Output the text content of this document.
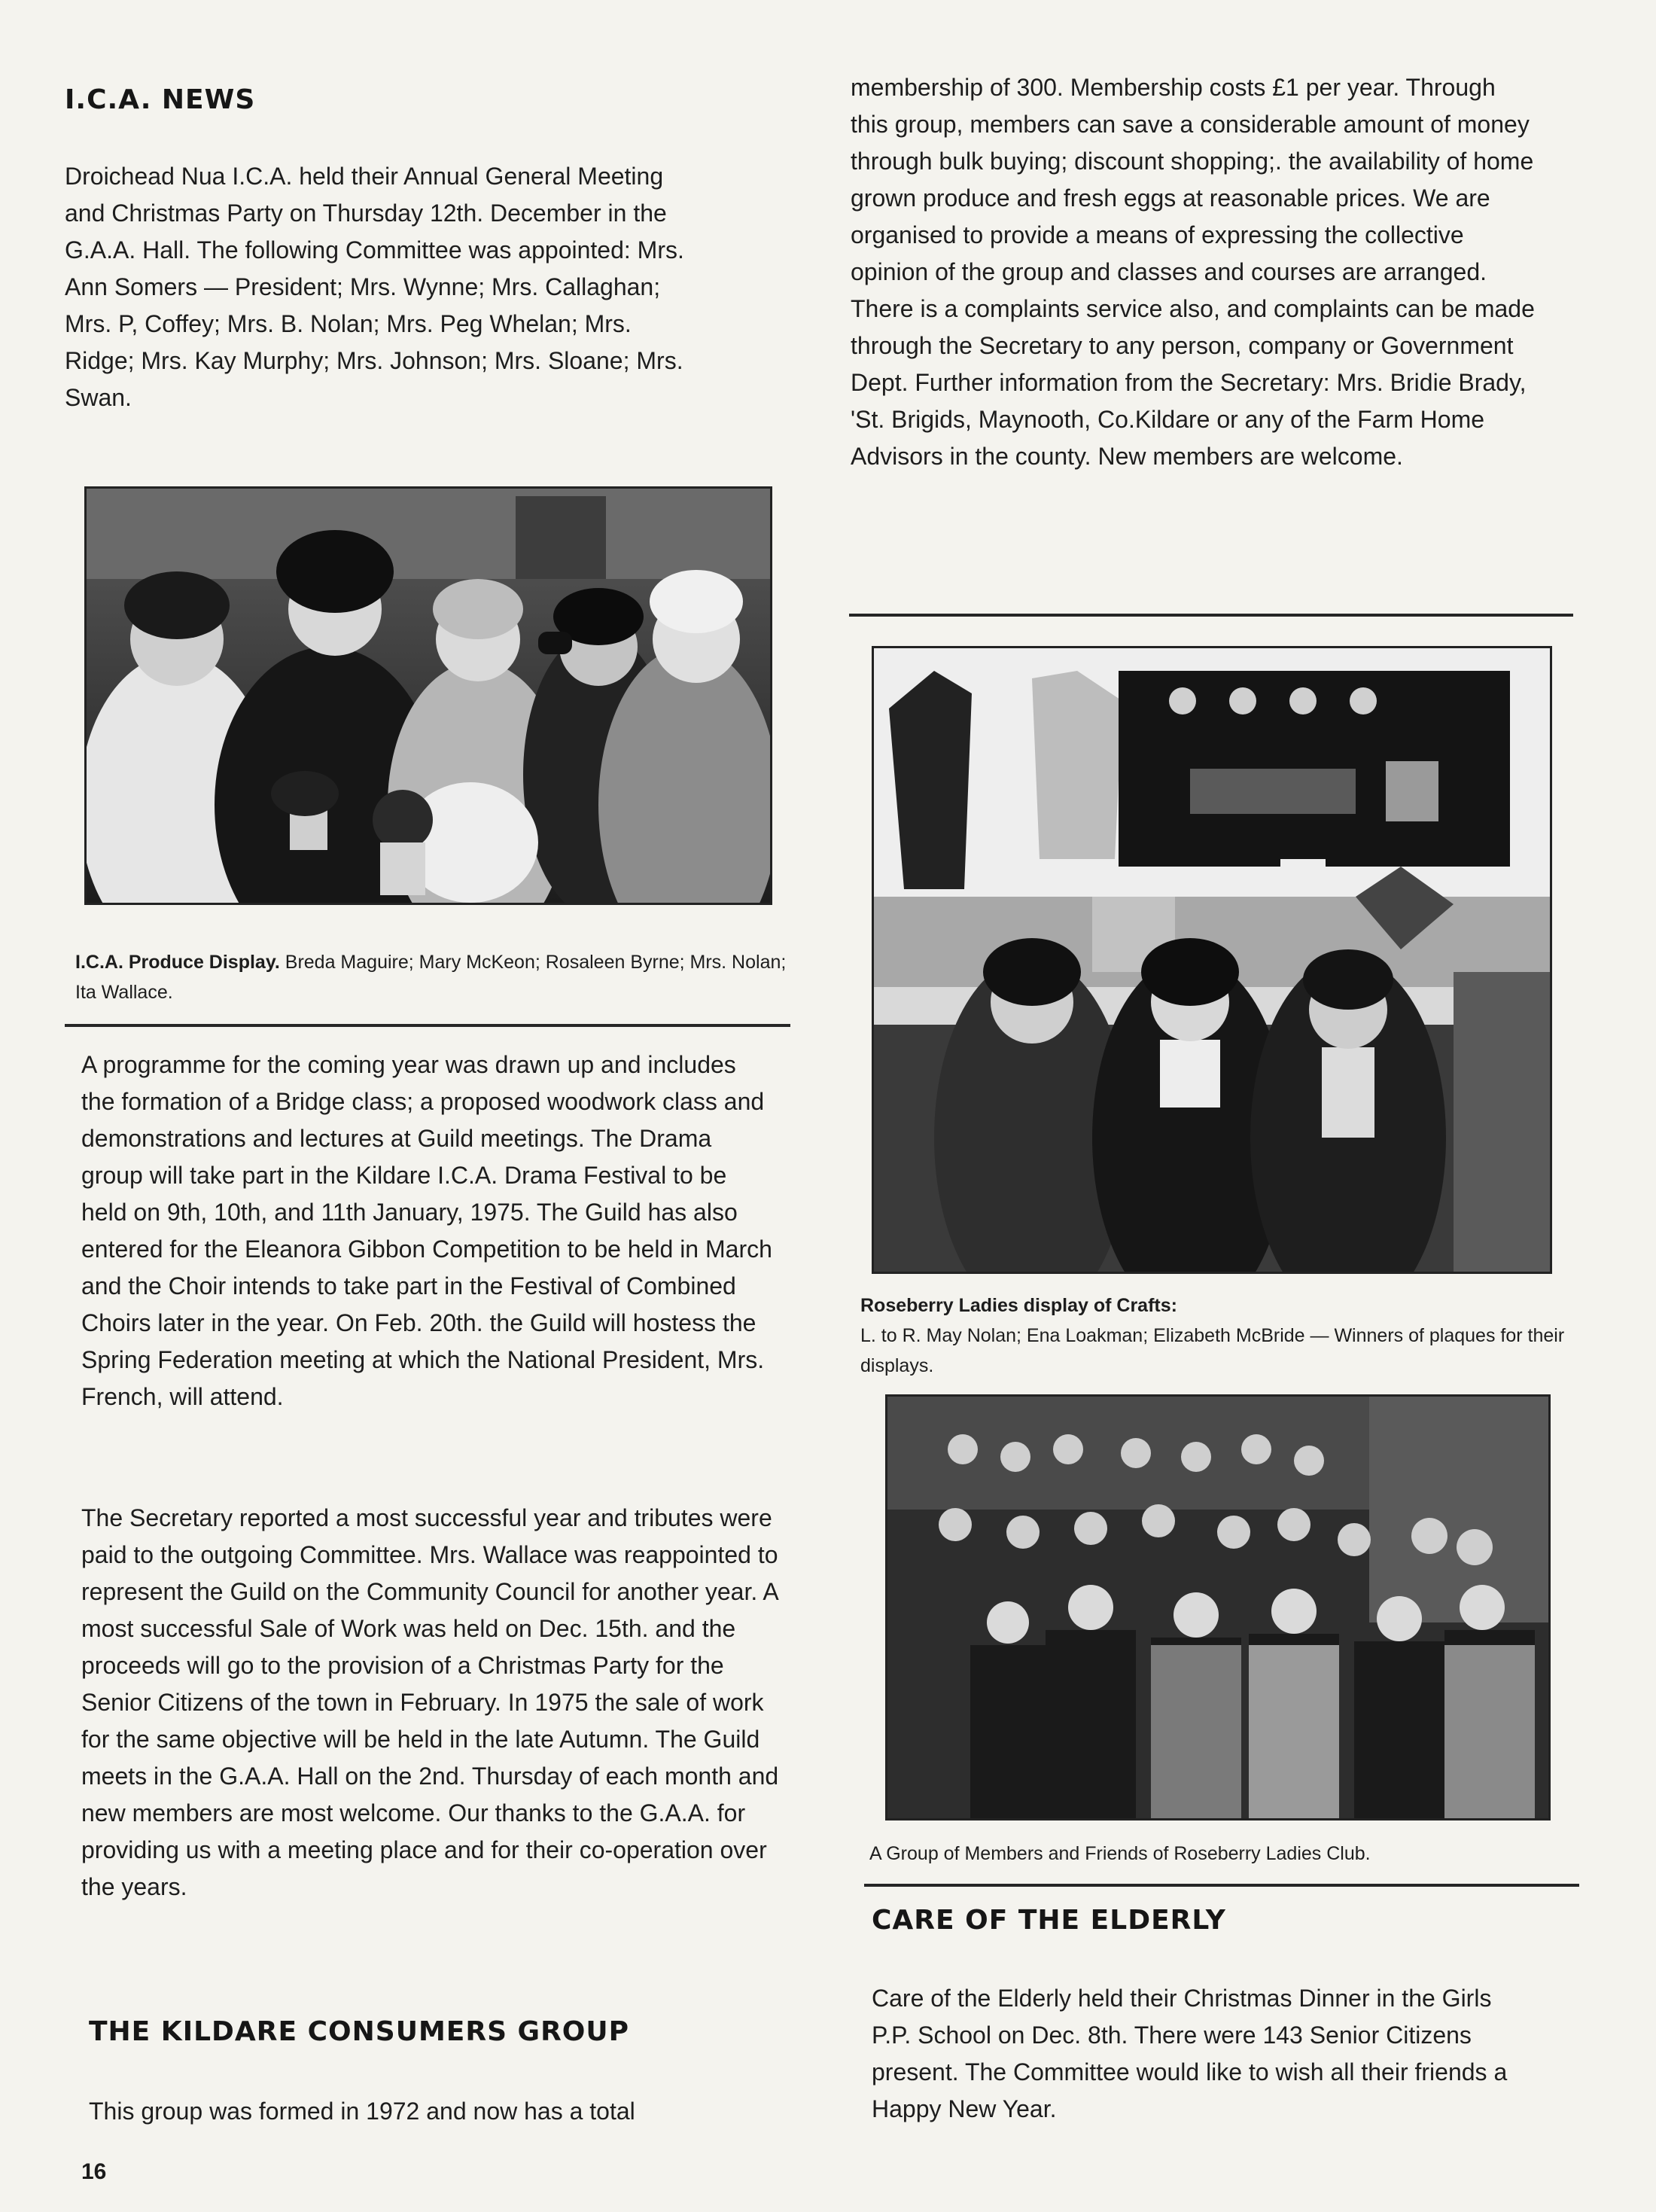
I.C.A. NEWS

Droichead Nua I.C.A. held their Annual General Meeting and Christmas Party on Thursday 12th. December in the G.A.A. Hall. The following Committee was appointed: Mrs. Ann Somers — President; Mrs. Wynne; Mrs. Callaghan; Mrs. P, Coffey; Mrs. B. Nolan; Mrs. Peg Whelan; Mrs. Ridge; Mrs. Kay Murphy; Mrs. Johnson; Mrs. Sloane; Mrs. Swan.

I.C.A. Produce Display. Breda Maguire; Mary McKeon; Rosaleen Byrne; Mrs. Nolan; Ita Wallace.

A programme for the coming year was drawn up and includes the formation of a Bridge class; a proposed woodwork class and demonstrations and lectures at Guild meetings. The Drama group will take part in the Kildare I.C.A. Drama Festival to be held on 9th, 10th, and 11th January, 1975. The Guild has also entered for the Eleanora Gibbon Competition to be held in March and the Choir intends to take part in the Festival of Combined Choirs later in the year. On Feb. 20th. the Guild will hostess the Spring Federation meeting at which the National President, Mrs. French, will attend.

The Secretary reported a most successful year and tributes were paid to the outgoing Committee. Mrs. Wallace was reappointed to represent the Guild on the Community Council for another year. A most successful Sale of Work was held on Dec. 15th. and the proceeds will go to the provision of a Christmas Party for the Senior Citizens of the town in February. In 1975 the sale of work for the same objective will be held in the late Autumn. The Guild meets in the G.A.A. Hall on the 2nd. Thursday of each month and new members are most welcome. Our thanks to the G.A.A. for providing us with a meeting place and for their co-operation over the years.

THE KILDARE CONSUMERS GROUP

This group was formed in 1972 and now has a total

16

membership of 300. Membership costs £1 per year. Through this group, members can save a considerable amount of money through bulk buying; discount shopping;. the availability of home grown produce and fresh eggs at reasonable prices. We are organised to provide a means of expressing the collective opinion of the group and classes and courses are arranged. There is a complaints service also, and complaints can be made through the Secretary to any person, company or Government Dept. Further information from the Secretary: Mrs. Bridie Brady, 'St. Brigids, Maynooth, Co.Kildare or any of the Farm Home Advisors in the county. New members are welcome.

Roseberry Ladies display of Crafts:
L. to R. May Nolan; Ena Loakman; Elizabeth McBride — Winners of plaques for their displays.

A Group of Members and Friends of Roseberry Ladies Club.

CARE OF THE ELDERLY

Care of the Elderly held their Christmas Dinner in the Girls P.P. School on Dec. 8th. There were 143 Senior Citizens present. The Committee would like to wish all their friends a Happy New Year.
